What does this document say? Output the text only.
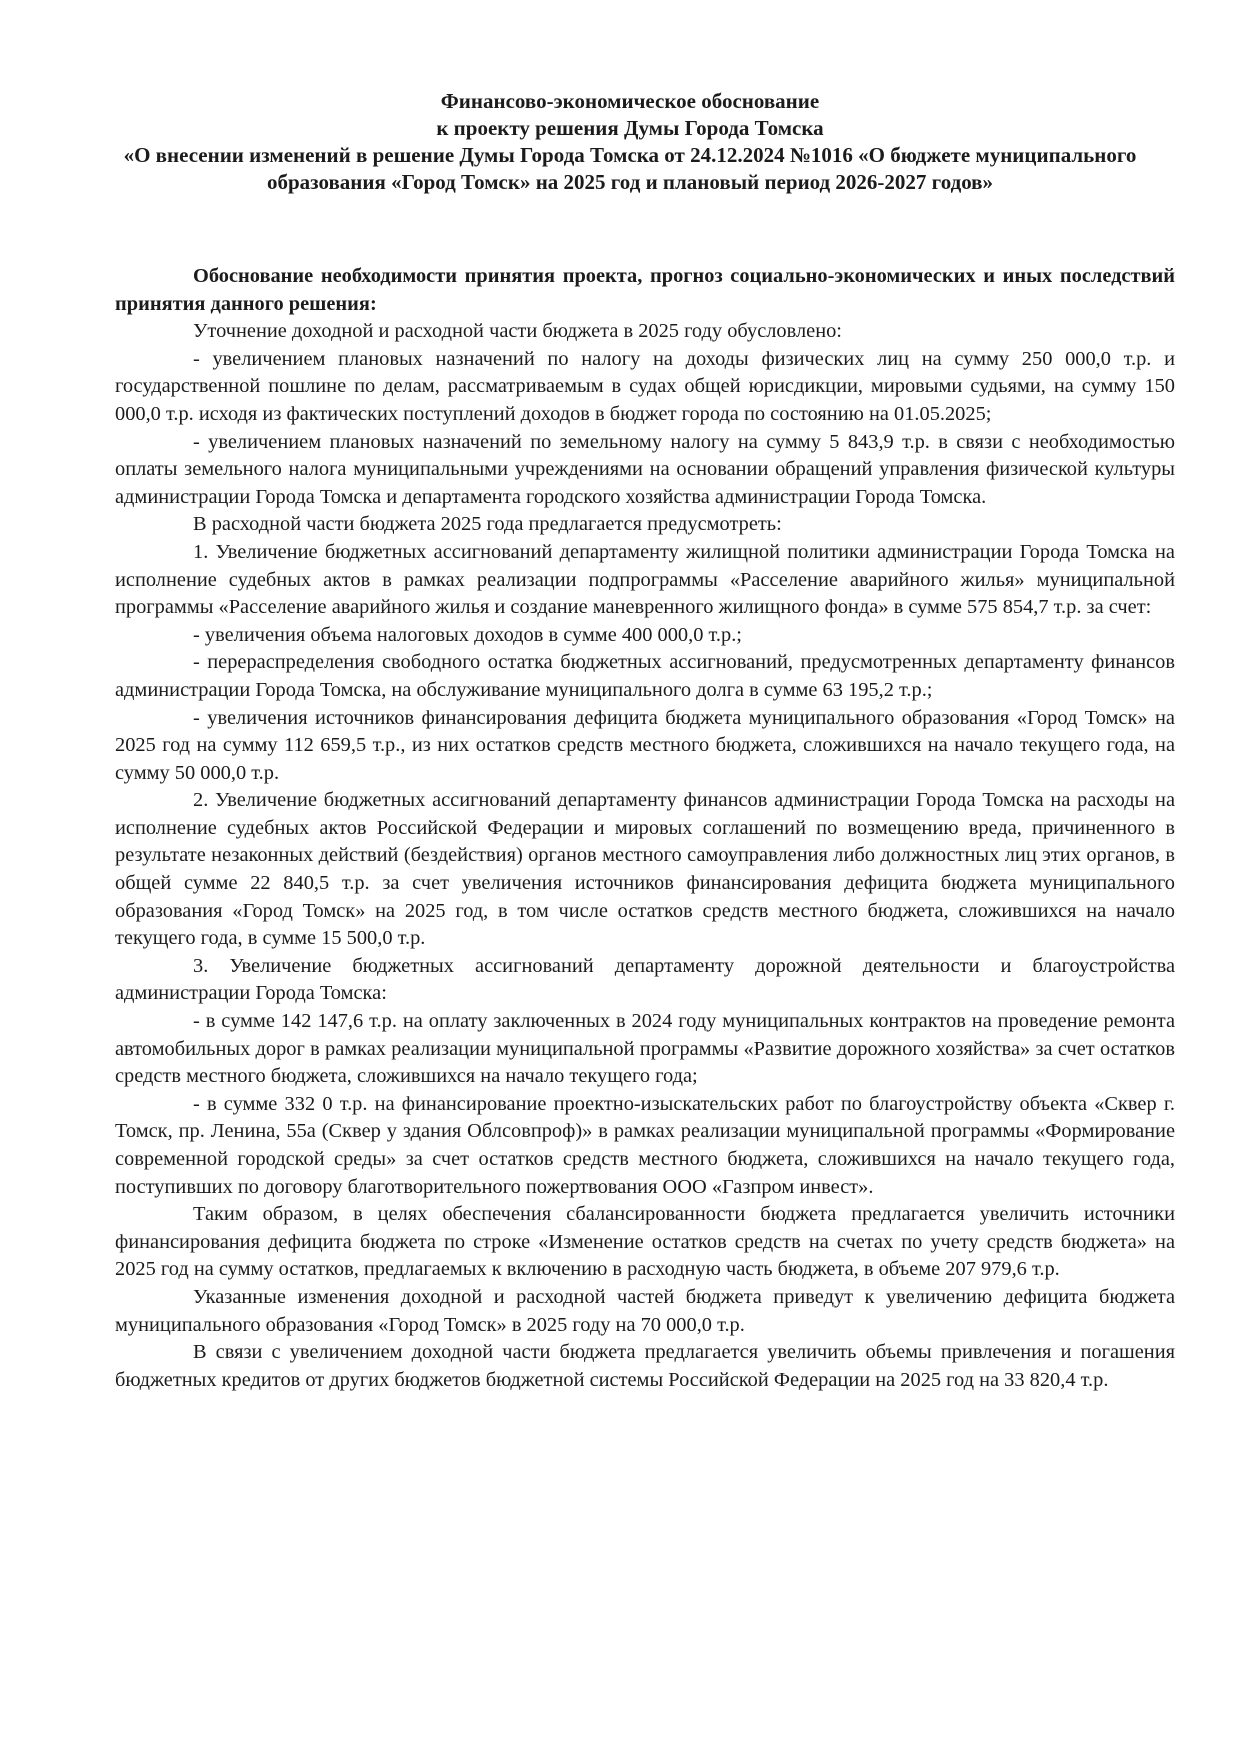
Финансово-экономическое обоснование
к проекту решения Думы Города Томска
«О внесении изменений в решение Думы Города Томска от 24.12.2024 №1016 «О бюджете муниципального образования «Город Томск» на 2025 год и плановый период 2026-2027 годов»

Обоснование необходимости принятия проекта, прогноз социально-экономических и иных последствий принятия данного решения:

Уточнение доходной и расходной части бюджета в 2025 году обусловлено:

- увеличением плановых назначений по налогу на доходы физических лиц на сумму 250 000,0 т.р. и государственной пошлине по делам, рассматриваемым в судах общей юрисдикции, мировыми судьями, на сумму 150 000,0 т.р. исходя из фактических поступлений доходов в бюджет города по состоянию на 01.05.2025;

- увеличением плановых назначений по земельному налогу на сумму 5 843,9 т.р. в связи с необходимостью оплаты земельного налога муниципальными учреждениями на основании обращений управления физической культуры администрации Города Томска и департамента городского хозяйства администрации Города Томска.

В расходной части бюджета 2025 года предлагается предусмотреть:

1. Увеличение бюджетных ассигнований департаменту жилищной политики администрации Города Томска на исполнение судебных актов в рамках реализации подпрограммы «Расселение аварийного жилья» муниципальной программы «Расселение аварийного жилья и создание маневренного жилищного фонда» в сумме 575 854,7 т.р. за счет:

- увеличения объема налоговых доходов в сумме 400 000,0 т.р.;

- перераспределения свободного остатка бюджетных ассигнований, предусмотренных департаменту финансов администрации Города Томска, на обслуживание муниципального долга в сумме 63 195,2 т.р.;

- увеличения источников финансирования дефицита бюджета муниципального образования «Город Томск» на 2025 год на сумму 112 659,5 т.р., из них остатков средств местного бюджета, сложившихся на начало текущего года, на сумму 50 000,0 т.р.

2. Увеличение бюджетных ассигнований департаменту финансов администрации Города Томска на расходы на исполнение судебных актов Российской Федерации и мировых соглашений по возмещению вреда, причиненного в результате незаконных действий (бездействия) органов местного самоуправления либо должностных лиц этих органов, в общей сумме 22 840,5 т.р. за счет увеличения источников финансирования дефицита бюджета муниципального образования «Город Томск» на 2025 год, в том числе остатков средств местного бюджета, сложившихся на начало текущего года, в сумме 15 500,0 т.р.

3. Увеличение бюджетных ассигнований департаменту дорожной деятельности и благоустройства администрации Города Томска:

- в сумме 142 147,6 т.р. на оплату заключенных в 2024 году муниципальных контрактов на проведение ремонта автомобильных дорог в рамках реализации муниципальной программы «Развитие дорожного хозяйства» за счет остатков средств местного бюджета, сложившихся на начало текущего года;

- в сумме 332 0 т.р. на финансирование проектно-изыскательских работ по благоустройству объекта «Сквер г. Томск, пр. Ленина, 55а (Сквер у здания Облсовпроф)» в рамках реализации муниципальной программы «Формирование современной городской среды» за счет остатков средств местного бюджета, сложившихся на начало текущего года, поступивших по договору благотворительного пожертвования ООО «Газпром инвест».

Таким образом, в целях обеспечения сбалансированности бюджета предлагается увеличить источники финансирования дефицита бюджета по строке «Изменение остатков средств на счетах по учету средств бюджета» на 2025 год на сумму остатков, предлагаемых к включению в расходную часть бюджета, в объеме 207 979,6 т.р.

Указанные изменения доходной и расходной частей бюджета приведут к увеличению дефицита бюджета муниципального образования «Город Томск» в 2025 году на 70 000,0 т.р.

В связи с увеличением доходной части бюджета предлагается увеличить объемы привлечения и погашения бюджетных кредитов от других бюджетов бюджетной системы Российской Федерации на 2025 год на 33 820,4 т.р.
